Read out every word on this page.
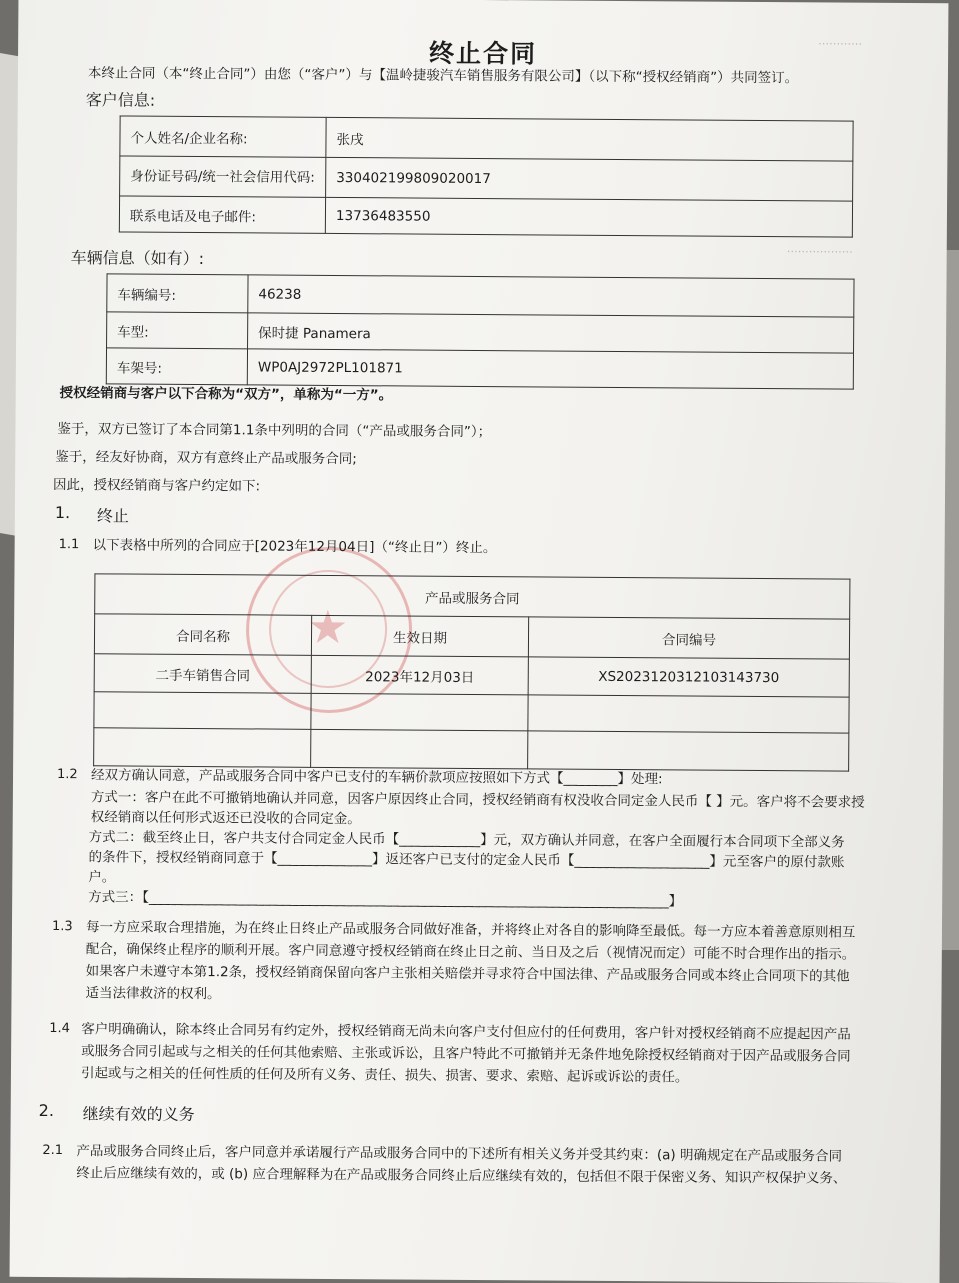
…………
………………
★
终止合同
本终止合同（本“终止合同”）由您（“客户”）与【温岭捷骏汽车销售服务有限公司】（以下称“授权经销商”）共同签订。
客户信息:
个人姓名/企业名称:	张戌
身份证号码/统一社会信用代码:	330402199809020017
联系电话及电子邮件:	13736483550
车辆信息（如有）:
车辆编号:	46238
车型:	保时捷 Panamera
车架号:	WP0AJ2972PL101871
授权经销商与客户以下合称为“双方”，单称为“一方”。
鉴于，双方已签订了本合同第1.1条中列明的合同（“产品或服务合同”）；
鉴于，经友好协商，双方有意终止产品或服务合同;
因此，授权经销商与客户约定如下:
1. 终止
1.1 以下表格中所列的合同应于[2023年12月04日]（“终止日”）终止。
产品或服务合同		
合同名称	生效日期	合同编号
二手车销售合同	2023年12月03日	XS2023120312103143730

1.2 经双方确认同意，产品或服务合同中客户已支付的车辆价款项应按照如下方式【________】处理:
方式一：客户在此不可撤销地确认并同意，因客户原因终止合同，授权经销商有权没收合同定金人民币【 】元。客户将不会要求授
权经销商以任何形式返还已没收的合同定金。
方式二：截至终止日，客户共支付合同定金人民币【____________】元，双方确认并同意，在客户全面履行本合同项下全部义务
的条件下，授权经销商同意于【______________】返还客户已支付的定金人民币【____________________】元至客户的原付款账
户。
方式三：【_____________________________________________________________________________】
1.3 每一方应采取合理措施，为在终止日终止产品或服务合同做好准备，并将终止对各自的影响降至最低。每一方应本着善意原则相互
配合，确保终止程序的顺利开展。客户同意遵守授权经销商在终止日之前、当日及之后（视情况而定）可能不时合理作出的指示。
如果客户未遵守本第1.2条，授权经销商保留向客户主张相关赔偿并寻求符合中国法律、产品或服务合同或本终止合同项下的其他
适当法律救济的权利。
1.4 客户明确确认，除本终止合同另有约定外，授权经销商无尚未向客户支付但应付的任何费用，客户针对授权经销商不应提起因产品
或服务合同引起或与之相关的任何其他索赔、主张或诉讼，且客户特此不可撤销并无条件地免除授权经销商对于因产品或服务合同
引起或与之相关的任何性质的任何及所有义务、责任、损失、损害、要求、索赔、起诉或诉讼的责任。
2. 继续有效的义务
2.1 产品或服务合同终止后，客户同意并承诺履行产品或服务合同中的下述所有相关义务并受其约束：(a) 明确规定在产品或服务合同
终止后应继续有效的，或 (b) 应合理解释为在产品或服务合同终止后应继续有效的，包括但不限于保密义务、知识产权保护义务、
